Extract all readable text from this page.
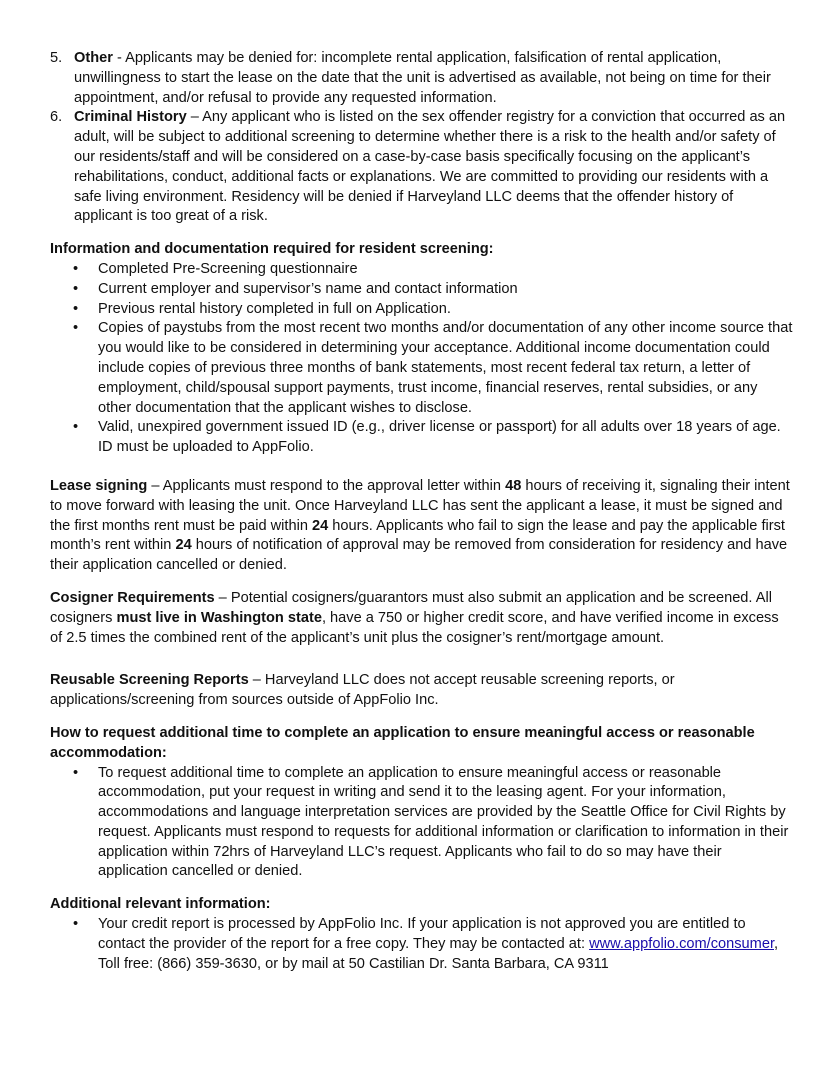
5. Other - Applicants may be denied for: incomplete rental application, falsification of rental application, unwillingness to start the lease on the date that the unit is advertised as available, not being on time for their appointment, and/or refusal to provide any requested information.
6. Criminal History – Any applicant who is listed on the sex offender registry for a conviction that occurred as an adult, will be subject to additional screening to determine whether there is a risk to the health and/or safety of our residents/staff and will be considered on a case-by-case basis specifically focusing on the applicant’s rehabilitations, conduct, additional facts or explanations. We are committed to providing our residents with a safe living environment. Residency will be denied if Harveyland LLC deems that the offender history of applicant is too great of a risk.

Information and documentation required for resident screening:

• Completed Pre-Screening questionnaire
• Current employer and supervisor’s name and contact information
• Previous rental history completed in full on Application.
• Copies of paystubs from the most recent two months and/or documentation of any other income source that you would like to be considered in determining your acceptance. Additional income documentation could include copies of previous three months of bank statements, most recent federal tax return, a letter of employment, child/spousal support payments, trust income, financial reserves, rental subsidies, or any other documentation that the applicant wishes to disclose.
• Valid, unexpired government issued ID (e.g., driver license or passport) for all adults over 18 years of age. ID must be uploaded to AppFolio.

Lease signing – Applicants must respond to the approval letter within 48 hours of receiving it, signaling their intent to move forward with leasing the unit. Once Harveyland LLC has sent the applicant a lease, it must be signed and the first months rent must be paid within 24 hours. Applicants who fail to sign the lease and pay the applicable first month’s rent within 24 hours of notification of approval may be removed from consideration for residency and have their application cancelled or denied.

Cosigner Requirements – Potential cosigners/guarantors must also submit an application and be screened. All cosigners must live in Washington state, have a 750 or higher credit score, and have verified income in excess of 2.5 times the combined rent of the applicant’s unit plus the cosigner’s rent/mortgage amount.

Reusable Screening Reports – Harveyland LLC does not accept reusable screening reports, or applications/screening from sources outside of AppFolio Inc.

How to request additional time to complete an application to ensure meaningful access or reasonable accommodation:

• To request additional time to complete an application to ensure meaningful access or reasonable accommodation, put your request in writing and send it to the leasing agent. For your information, accommodations and language interpretation services are provided by the Seattle Office for Civil Rights by request. Applicants must respond to requests for additional information or clarification to information in their application within 72hrs of Harveyland LLC’s request. Applicants who fail to do so may have their application cancelled or denied.

Additional relevant information:

• Your credit report is processed by AppFolio Inc. If your application is not approved you are entitled to contact the provider of the report for a free copy. They may be contacted at: www.appfolio.com/consumer, Toll free: (866) 359-3630, or by mail at 50 Castilian Dr. Santa Barbara, CA 9311
